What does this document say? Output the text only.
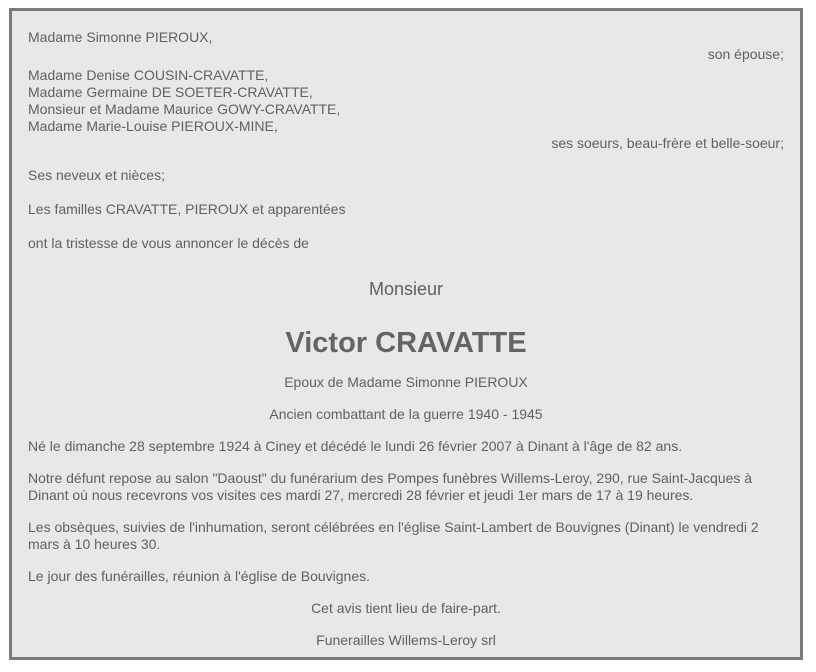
Madame Simonne PIEROUX,
son épouse;
Madame Denise COUSIN-CRAVATTE,
Madame Germaine DE SOETER-CRAVATTE,
Monsieur et Madame Maurice GOWY-CRAVATTE,
Madame Marie-Louise PIEROUX-MINE,
ses soeurs, beau-frère et belle-soeur;
Ses neveux et nièces;
Les familles CRAVATTE, PIEROUX et apparentées
ont la tristesse de vous annoncer le décès de
Monsieur
Victor CRAVATTE
Epoux de Madame Simonne PIEROUX
Ancien combattant de la guerre 1940 - 1945
Né le dimanche 28 septembre 1924 à Ciney et décédé le lundi 26 février 2007 à Dinant à l'âge de 82 ans.
Notre défunt repose au salon "Daoust" du funérarium des Pompes funèbres Willems-Leroy, 290, rue Saint-Jacques à Dinant où nous recevrons vos visites ces mardi 27, mercredi 28 février et jeudi 1er mars de 17 à 19 heures.
Les obsèques, suivies de l'inhumation, seront célébrées en l'église Saint-Lambert de Bouvignes (Dinant) le vendredi 2 mars à 10 heures 30.
Le jour des funérailles, réunion à l'église de Bouvignes.
Cet avis tient lieu de faire-part.
Funerailles Willems-Leroy srl
